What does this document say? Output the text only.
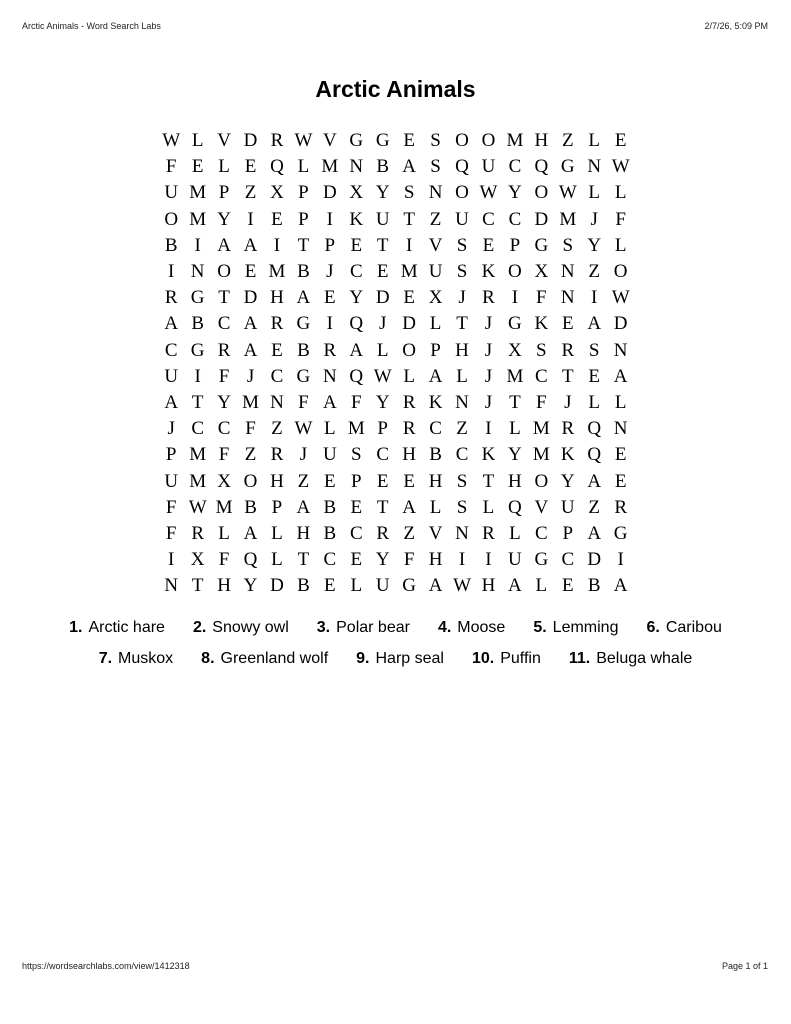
Arctic Animals - Word Search Labs	2/7/26, 5:09 PM
Arctic Animals
W L V D R W V G G E S O O M H Z L E
F E L E Q L M N B A S Q U C Q G N W
U M P Z X P D X Y S N O W Y O W L L
O M Y I E P I K U T Z U C C D M J F
B I A A I T P E T I V S E P G S Y L
I N O E M B J C E M U S K O X N Z O
R G T D H A E Y D E X J R I F N I W
A B C A R G I Q J D L T J G K E A D
C G R A E B R A L O P H J X S R S N
U I F J C G N Q W L A L J M C T E A
A T Y M N F A F Y R K N J T F J L L
J C C F Z W L M P R C Z I L M R Q N
P M F Z R J U S C H B C K Y M K Q E
U M X O H Z E P E E H S T H O Y A E
F W M B P A B E T A L S L Q V U Z R
F R L A L H B C R Z V N R L C P A G
I X F Q L T C E Y F H I	I U G C D I
N T H Y D B E L U G A W H A L E B A
1. Arctic hare 2. Snowy owl 3. Polar bear 4. Moose 5. Lemming 6. Caribou
7. Muskox 8. Greenland wolf 9. Harp seal 10. Puffin 11. Beluga whale
https://wordsearchlabs.com/view/1412318	Page 1 of 1
